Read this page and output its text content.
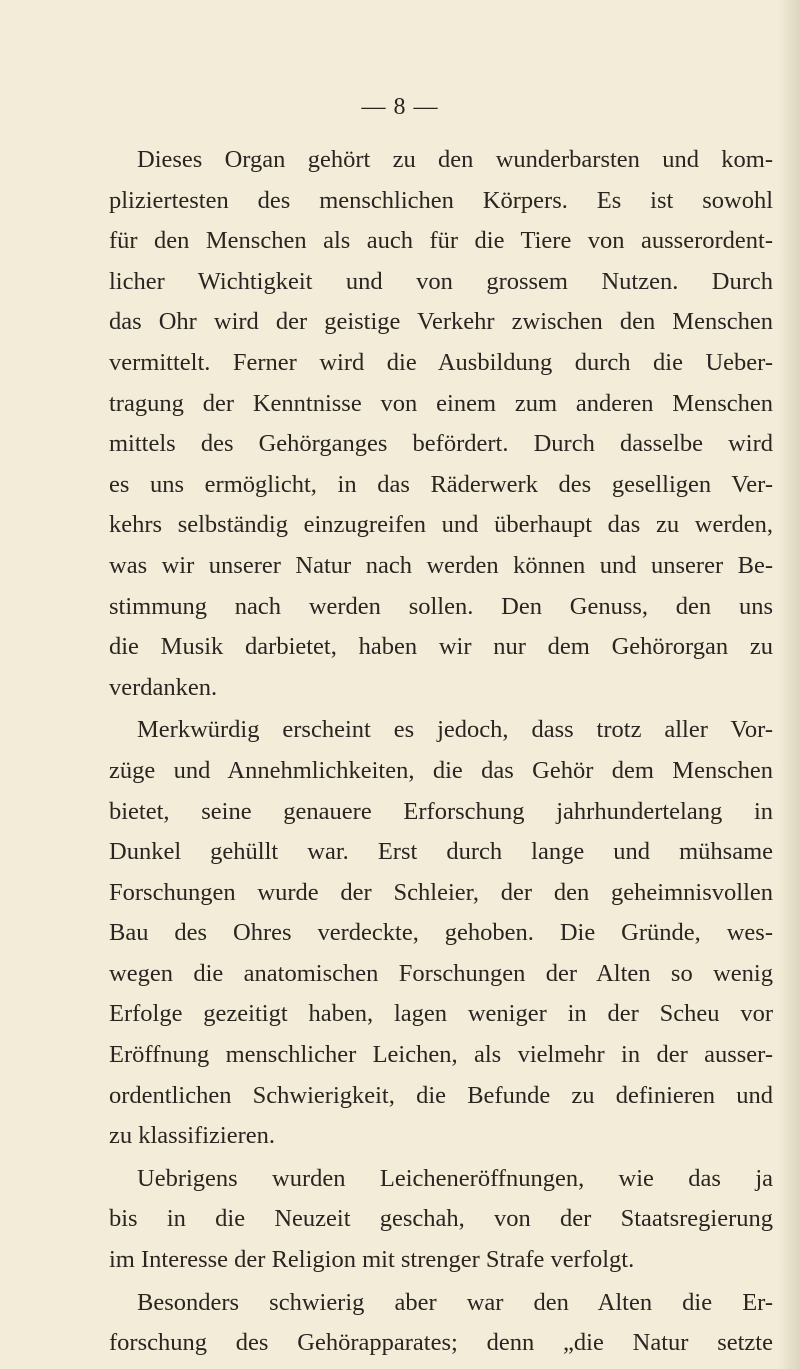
— 8 —
Dieses Organ gehört zu den wunderbarsten und kom-
pliziertesten des menschlichen Körpers. Es ist sowohl
für den Menschen als auch für die Tiere von ausserordent-
licher Wichtigkeit und von grossem Nutzen. Durch
das Ohr wird der geistige Verkehr zwischen den Menschen
vermittelt. Ferner wird die Ausbildung durch die Ueber-
tragung der Kenntnisse von einem zum anderen Menschen
mittels des Gehörganges befördert. Durch dasselbe wird
es uns ermöglicht, in das Räderwerk des geselligen Ver-
kehrs selbständig einzugreifen und überhaupt das zu werden,
was wir unserer Natur nach werden können und unserer Be-
stimmung nach werden sollen. Den Genuss, den uns
die Musik darbietet, haben wir nur dem Gehörorgan zu
verdanken.
Merkwürdig erscheint es jedoch, dass trotz aller Vor-
züge und Annehmlichkeiten, die das Gehör dem Menschen
bietet, seine genauere Erforschung jahrhundertelang in
Dunkel gehüllt war. Erst durch lange und mühsame
Forschungen wurde der Schleier, der den geheimnisvollen
Bau des Ohres verdeckte, gehoben. Die Gründe, wes-
wegen die anatomischen Forschungen der Alten so wenig
Erfolge gezeitigt haben, lagen weniger in der Scheu vor
Eröffnung menschlicher Leichen, als vielmehr in der ausser-
ordentlichen Schwierigkeit, die Befunde zu definieren und
zu klassifizieren.
Uebrigens wurden Leicheneröffnungen, wie das ja
bis in die Neuzeit geschah, von der Staatsregierung
im Interesse der Religion mit strenger Strafe verfolgt.
Besonders schwierig aber war den Alten die Er-
forschung des Gehörapparates; denn „die Natur setzte
